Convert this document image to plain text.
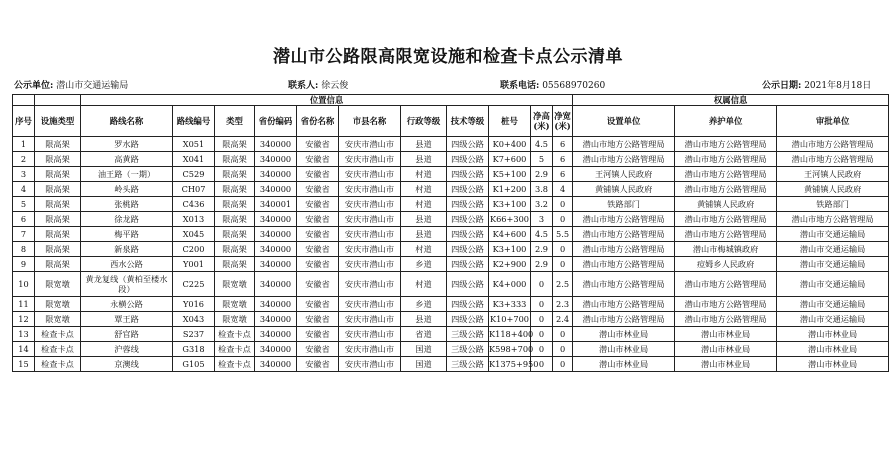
潜山市公路限高限宽设施和检查卡点公示清单
公示单位: 潜山市交通运输局	联系人: 徐云俊	联系电话: 05568970260	公示日期: 2021年8月18日
		位置信息											权属信息		
序号	设施类型	路线名称	路线编号	类型	省份编码	省份名称	市县名称	行政等级	技术等级	桩号	净高(米)	净宽(米)	设置单位	养护单位	审批单位
1	限高架	罗水路	X051	限高架	340000	安徽省	安庆市潜山市	县道	四级公路	K0+400	4.5	6	潜山市地方公路管理局	潜山市地方公路管理局	潜山市地方公路管理局
2	限高架	高黄路	X041	限高架	340000	安徽省	安庆市潜山市	县道	四级公路	K7+600	5	6	潜山市地方公路管理局	潜山市地方公路管理局	潜山市地方公路管理局
3	限高架	油王路（一期）	C529	限高架	340000	安徽省	安庆市潜山市	村道	四级公路	K5+100	2.9	6	王河镇人民政府	潜山市地方公路管理局	王河镇人民政府
4	限高架	岭头路	CH07	限高架	340000	安徽省	安庆市潜山市	村道	四级公路	K1+200	3.8	4	黄铺镇人民政府	潜山市地方公路管理局	黄铺镇人民政府
5	限高架	张桃路	C436	限高架	340001	安徽省	安庆市潜山市	村道	四级公路	K3+100	3.2	0	铁路部门	黄铺镇人民政府	铁路部门
6	限高架	徐龙路	X013	限高架	340000	安徽省	安庆市潜山市	县道	四级公路	K66+300	3	0	潜山市地方公路管理局	潜山市地方公路管理局	潜山市地方公路管理局
7	限高架	梅平路	X045	限高架	340000	安徽省	安庆市潜山市	县道	四级公路	K4+600	4.5	5.5	潜山市地方公路管理局	潜山市地方公路管理局	潜山市交通运输局
8	限高架	新泉路	C200	限高架	340000	安徽省	安庆市潜山市	村道	四级公路	K3+100	2.9	0	潜山市地方公路管理局	潜山市梅城镇政府	潜山市交通运输局
9	限高架	西水公路	Y001	限高架	340000	安徽省	安庆市潜山市	乡道	四级公路	K2+900	2.9	0	潜山市地方公路管理局	痘姆乡人民政府	潜山市交通运输局
10	限宽墩	黄龙复线（黄柏至楼水段）	C225	限宽墩	340000	安徽省	安庆市潜山市	村道	四级公路	K4+000	0	2.5	潜山市地方公路管理局	潜山市地方公路管理局	潜山市交通运输局
11	限宽墩	永横公路	Y016	限宽墩	340000	安徽省	安庆市潜山市	乡道	四级公路	K3+333	0	2.3	潜山市地方公路管理局	潜山市地方公路管理局	潜山市交通运输局
12	限宽墩	覃王路	X043	限宽墩	340000	安徽省	安庆市潜山市	县道	四级公路	K10+700	0	2.4	潜山市地方公路管理局	潜山市地方公路管理局	潜山市交通运输局
13	检查卡点	舒官路	S237	检查卡点	340000	安徽省	安庆市潜山市	省道	三级公路	K118+400	0	0	潜山市林业局	潜山市林业局	潜山市林业局
14	检查卡点	沪蓉线	G318	检查卡点	340000	安徽省	安庆市潜山市	国道	三级公路	K598+700	0	0	潜山市林业局	潜山市林业局	潜山市林业局
15	检查卡点	京澳线	G105	检查卡点	340000	安徽省	安庆市潜山市	国道	三级公路	K1375+950	0	0	潜山市林业局	潜山市林业局	潜山市林业局
